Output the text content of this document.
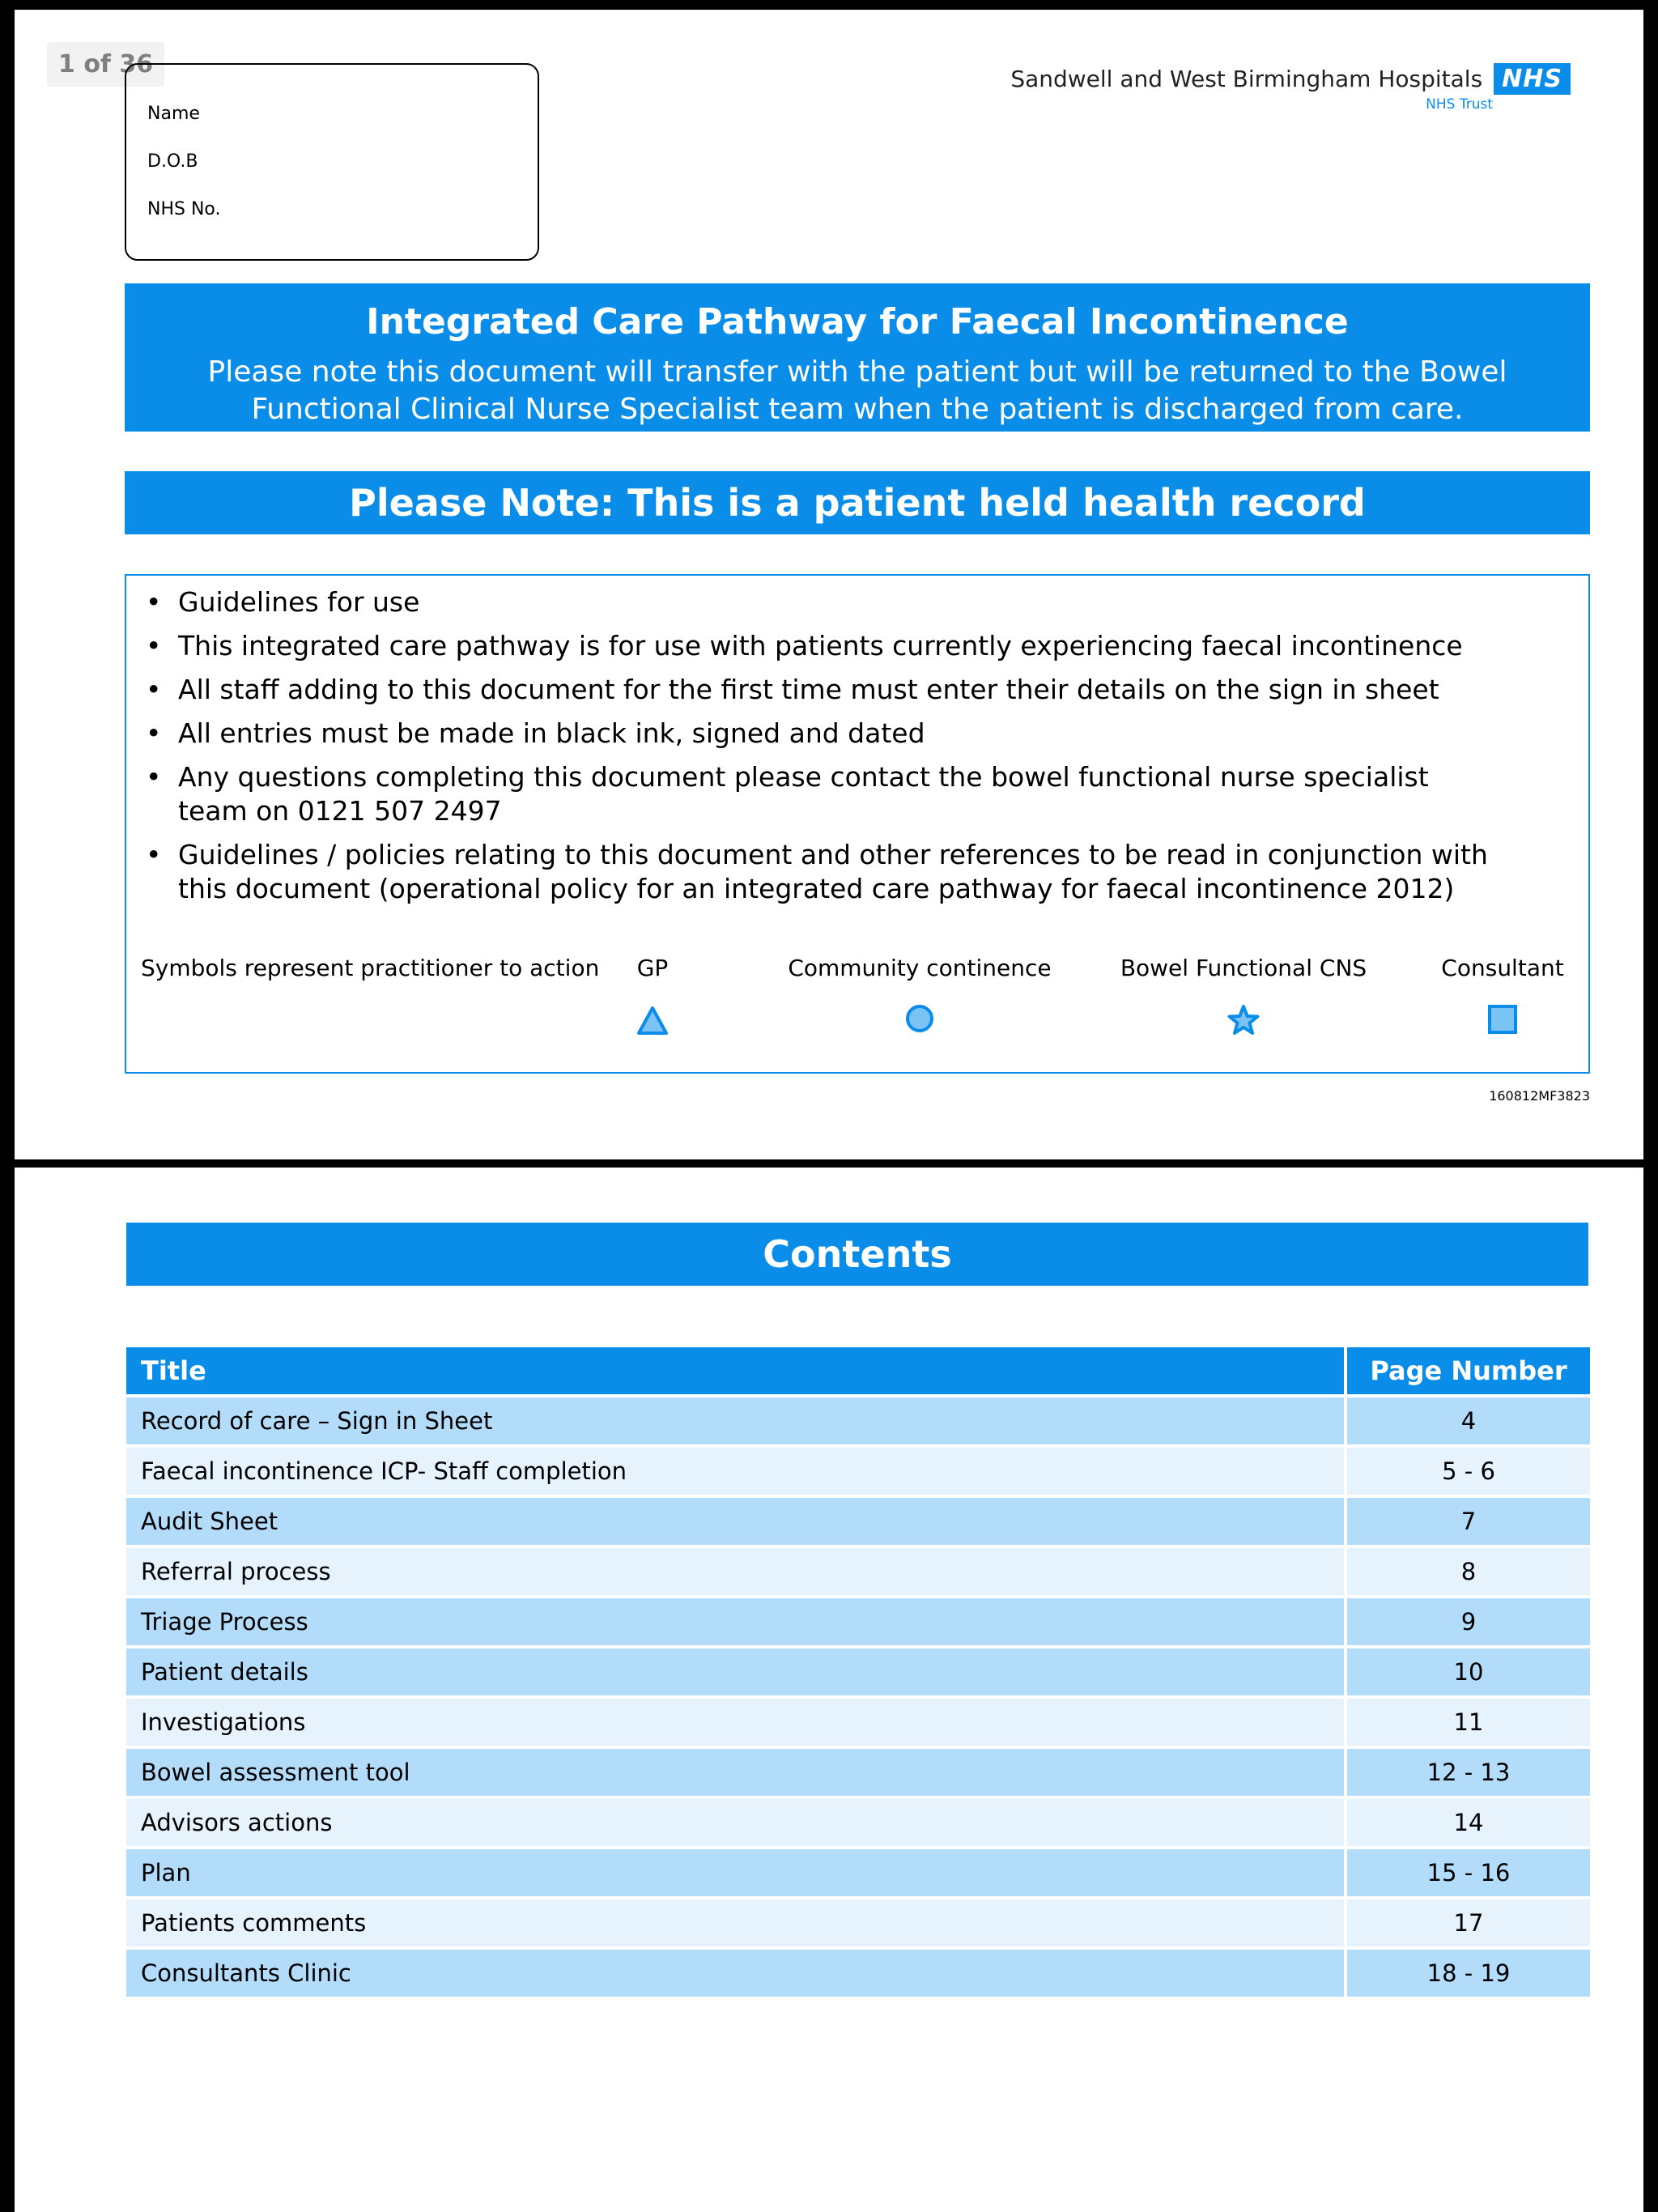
1 of 36
Name
D.O.B
NHS No.
Sandwell and West Birmingham Hospitals NHS
NHS Trust
Integrated Care Pathway for Faecal Incontinence
Please note this document will transfer with the patient but will be returned to the Bowel Functional Clinical Nurse Specialist team when the patient is discharged from care.
Please Note: This is a patient held health record
• Guidelines for use
• This integrated care pathway is for use with patients currently experiencing faecal incontinence
• All staff adding to this document for the first time must enter their details on the sign in sheet
• All entries must be made in black ink, signed and dated
• Any questions completing this document please contact the bowel functional nurse specialist team on 0121 507 2497
• Guidelines / policies relating to this document and other references to be read in conjunction with this document (operational policy for an integrated care pathway for faecal incontinence 2012)
Symbols represent practitioner to action	GP	Community continence	Bowel Functional CNS	Consultant
160812MF3823
Contents
Title	Page Number
Record of care – Sign in Sheet	4
Faecal incontinence ICP- Staff completion	5 - 6
Audit Sheet	7
Referral process	8
Triage Process	9
Patient details	10
Investigations	11
Bowel assessment tool	12 - 13
Advisors actions	14
Plan	15 - 16
Patients comments	17
Consultants Clinic	18 - 19
